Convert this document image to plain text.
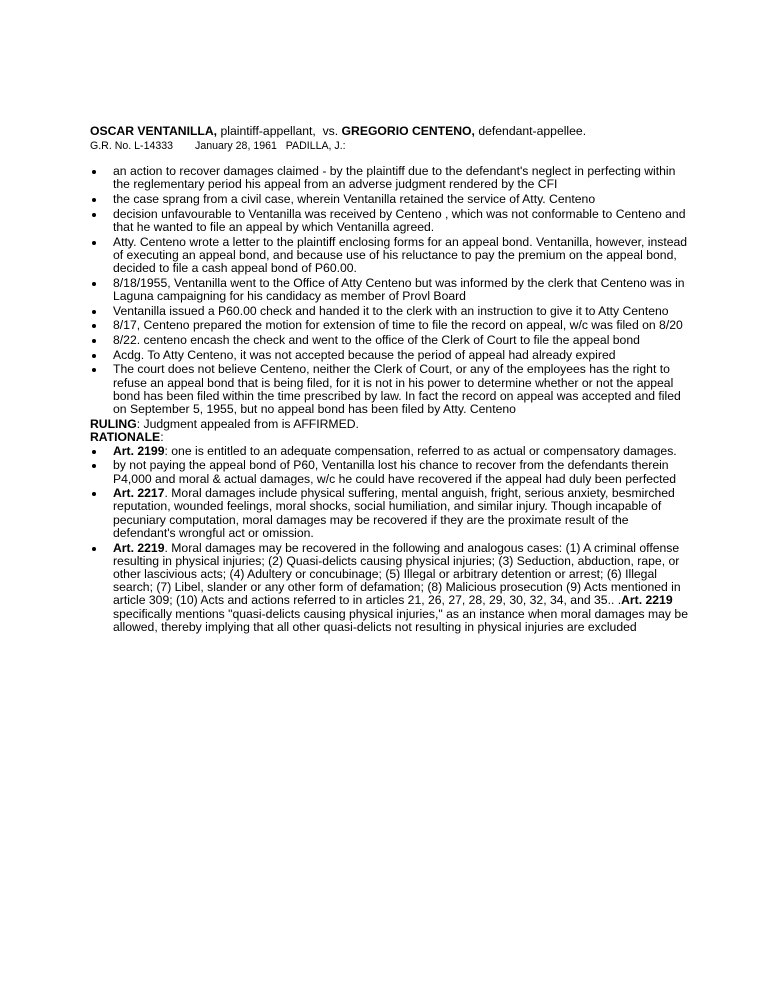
OSCAR VENTANILLA, plaintiff-appellant, vs. GREGORIO CENTENO, defendant-appellee.

G.R. No. L-14333 January 28, 1961 PADILLA, J.:

an action to recover damages claimed - by the plaintiff due to the defendant's neglect in perfecting within the reglementary period his appeal from an adverse judgment rendered by the CFI
the case sprang from a civil case, wherein Ventanilla retained the service of Atty. Centeno
decision unfavourable to Ventanilla was received by Centeno , which was not conformable to Centeno and that he wanted to file an appeal by which Ventanilla agreed.
Atty. Centeno wrote a letter to the plaintiff enclosing forms for an appeal bond. Ventanilla, however, instead of executing an appeal bond, and because use of his reluctance to pay the premium on the appeal bond, decided to file a cash appeal bond of P60.00.
8/18/1955, Ventanilla went to the Office of Atty Centeno but was informed by the clerk that Centeno was in Laguna campaigning for his candidacy as member of Provl Board
Ventanilla issued a P60.00 check and handed it to the clerk with an instruction to give it to Atty Centeno
8/17, Centeno prepared the motion for extension of time to file the record on appeal, w/c was filed on 8/20
8/22. centeno encash the check and went to the office of the Clerk of Court to file the appeal bond
Acdg. To Atty Centeno, it was not accepted because the period of appeal had already expired
The court does not believe Centeno, neither the Clerk of Court, or any of the employees has the right to refuse an appeal bond that is being filed, for it is not in his power to determine whether or not the appeal bond has been filed within the time prescribed by law. In fact the record on appeal was accepted and filed on September 5, 1955, but no appeal bond has been filed by Atty. Centeno

RULING: Judgment appealed from is AFFIRMED.

RATIONALE:

Art. 2199: one is entitled to an adequate compensation, referred to as actual or compensatory damages.
by not paying the appeal bond of P60, Ventanilla lost his chance to recover from the defendants therein P4,000 and moral & actual damages, w/c he could have recovered if the appeal had duly been perfected
Art. 2217. Moral damages include physical suffering, mental anguish, fright, serious anxiety, besmirched reputation, wounded feelings, moral shocks, social humiliation, and similar injury. Though incapable of pecuniary computation, moral damages may be recovered if they are the proximate result of the defendant's wrongful act or omission.
Art. 2219. Moral damages may be recovered in the following and analogous cases: (1) A criminal offense resulting in physical injuries; (2) Quasi-delicts causing physical injuries; (3) Seduction, abduction, rape, or other lascivious acts; (4) Adultery or concubinage; (5) Illegal or arbitrary detention or arrest; (6) Illegal search; (7) Libel, slander or any other form of defamation; (8) Malicious prosecution (9) Acts mentioned in article 309; (10) Acts and actions referred to in articles 21, 26, 27, 28, 29, 30, 32, 34, and 35.. .Art. 2219 specifically mentions "quasi-delicts causing physical injuries," as an instance when moral damages may be allowed, thereby implying that all other quasi-delicts not resulting in physical injuries are excluded
